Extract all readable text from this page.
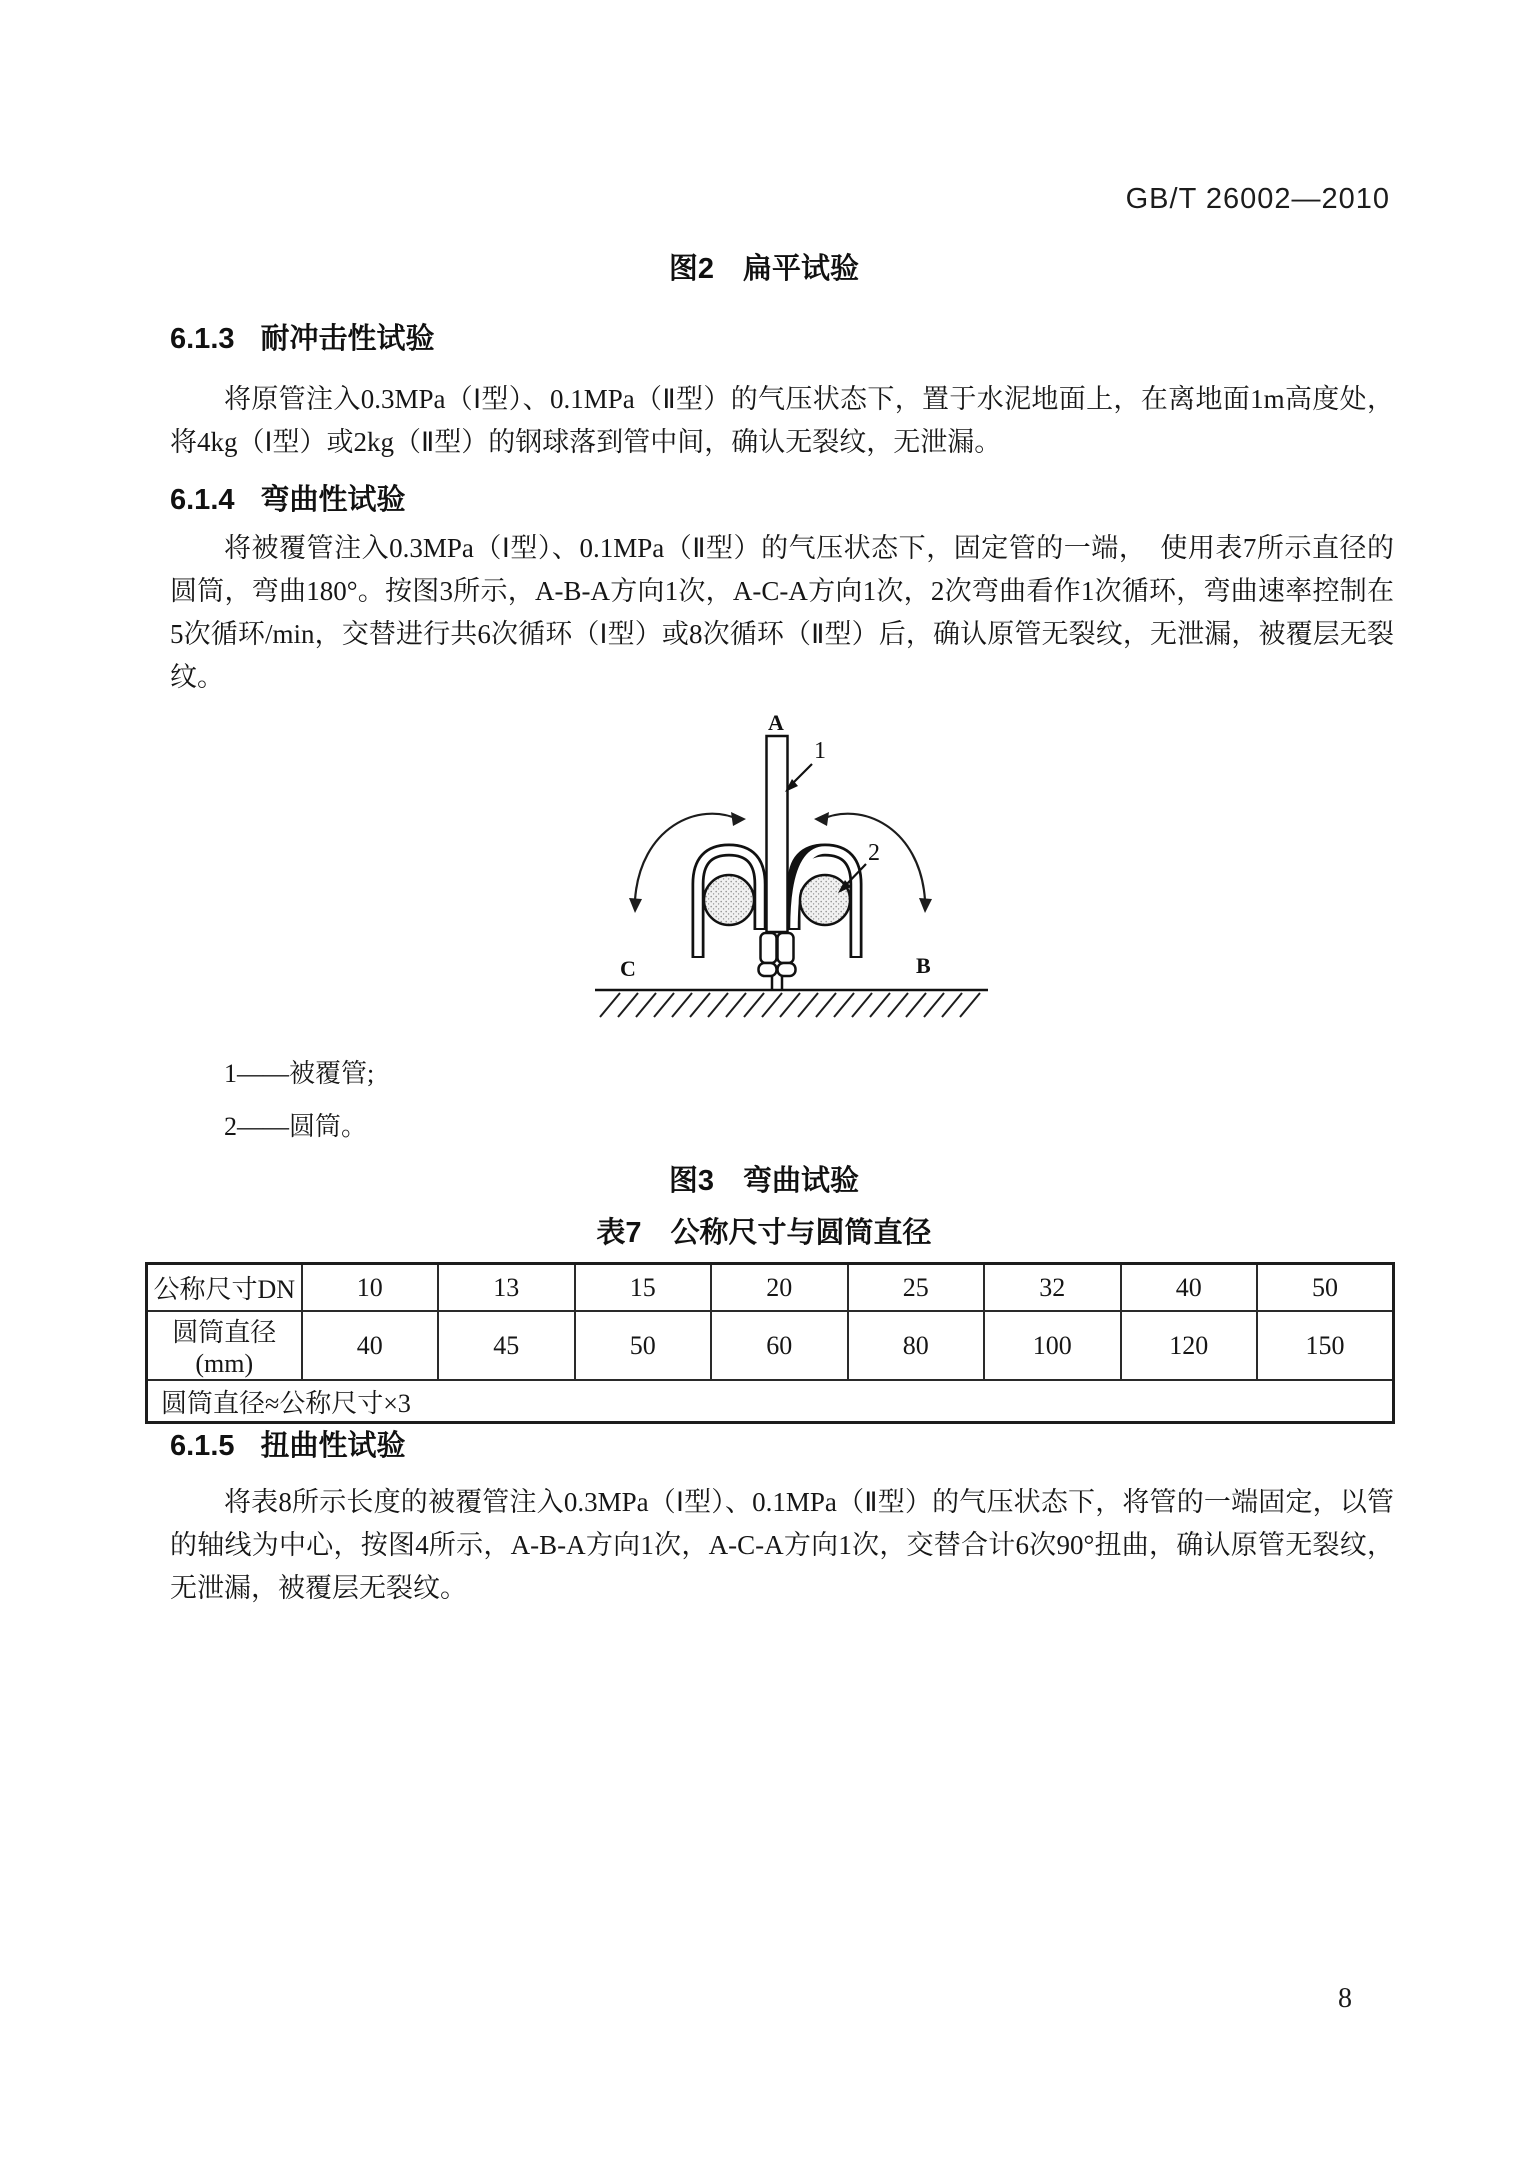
GB/T 26002—2010
图2　扁平试验
6.1.3 耐冲击性试验

将原管注入0.3MPa（Ⅰ型）、0.1MPa（Ⅱ型）的气压状态下，置于水泥地面上，在离地面1m高度处，将4kg（Ⅰ型）或2kg（Ⅱ型）的钢球落到管中间，确认无裂纹，无泄漏。

6.1.4 弯曲性试验

将被覆管注入0.3MPa（Ⅰ型）、0.1MPa（Ⅱ型）的气压状态下，固定管的一端，　使用表7所示直径的圆筒，弯曲180°。按图3所示，A-B-A方向1次，A-C-A方向1次，2次弯曲看作1次循环，弯曲速率控制在5次循环/min，交替进行共6次循环（Ⅰ型）或8次循环（Ⅱ型）后，确认原管无裂纹，无泄漏，被覆层无裂纹。

A
C	B
1
2
1——被覆管;
2——圆筒。
图3　弯曲试验
表7　公称尺寸与圆筒直径
公称尺寸DN	10	13	15	20	25	32	40	50
圆筒直径(mm)	40	45	50	60	80	100	120	150
圆筒直径≈公称尺寸×3								
6.1.5 扭曲性试验

将表8所示长度的被覆管注入0.3MPa（Ⅰ型）、0.1MPa（Ⅱ型）的气压状态下，将管的一端固定，以管的轴线为中心，按图4所示，A-B-A方向1次，A-C-A方向1次，交替合计6次90°扭曲，确认原管无裂纹，无泄漏，被覆层无裂纹。

8
